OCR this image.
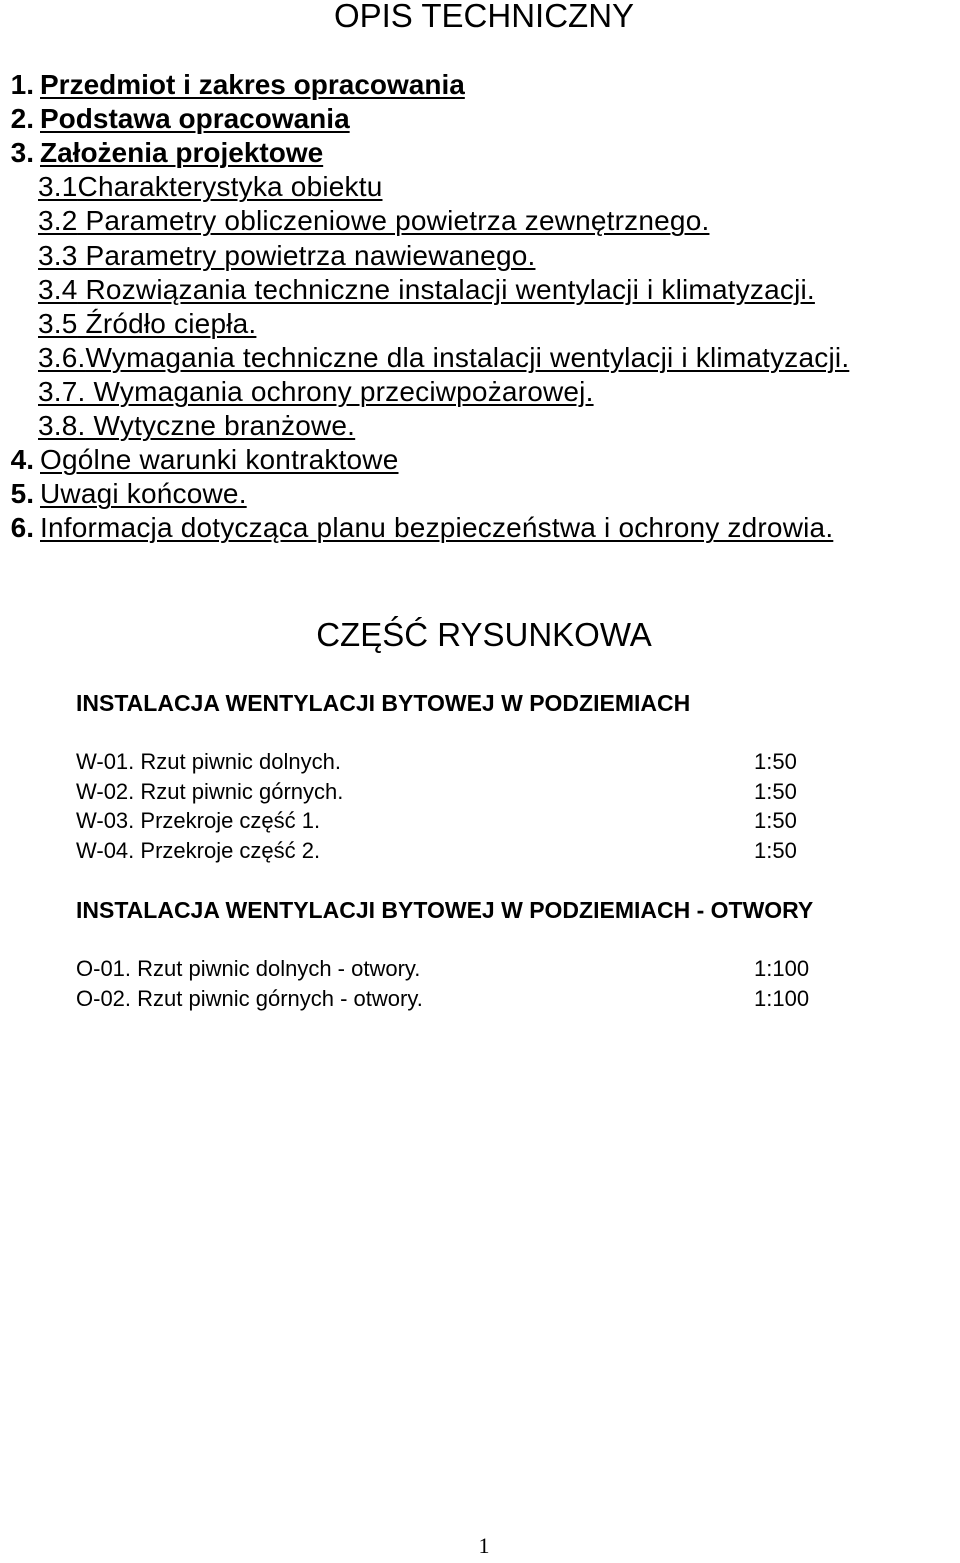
OPIS TECHNICZNY
1. Przedmiot i zakres opracowania
2. Podstawa opracowania
3. Założenia projektowe
3.1 Charakterystyka obiektu
3.2 Parametry obliczeniowe powietrza zewnętrznego.
3.3 Parametry powietrza nawiewanego.
3.4 Rozwiązania techniczne instalacji wentylacji i klimatyzacji.
3.5 Źródło ciepła.
3.6. Wymagania techniczne dla instalacji wentylacji i klimatyzacji.
3.7. Wymagania ochrony przeciwpożarowej.
3.8. Wytyczne branżowe.
4. Ogólne warunki kontraktowe
5. Uwagi końcowe.
6. Informacja dotycząca planu bezpieczeństwa i ochrony zdrowia.
CZĘŚĆ RYSUNKOWA
INSTALACJA WENTYLACJI BYTOWEJ W PODZIEMIACH
W-01. Rzut piwnic dolnych.	1:50
W-02. Rzut piwnic górnych.	1:50
W-03. Przekroje część 1.	1:50
W-04. Przekroje część 2.	1:50
INSTALACJA WENTYLACJI BYTOWEJ W PODZIEMIACH - OTWORY
O-01. Rzut piwnic dolnych - otwory.	1:100
O-02. Rzut piwnic górnych - otwory.	1:100
1
